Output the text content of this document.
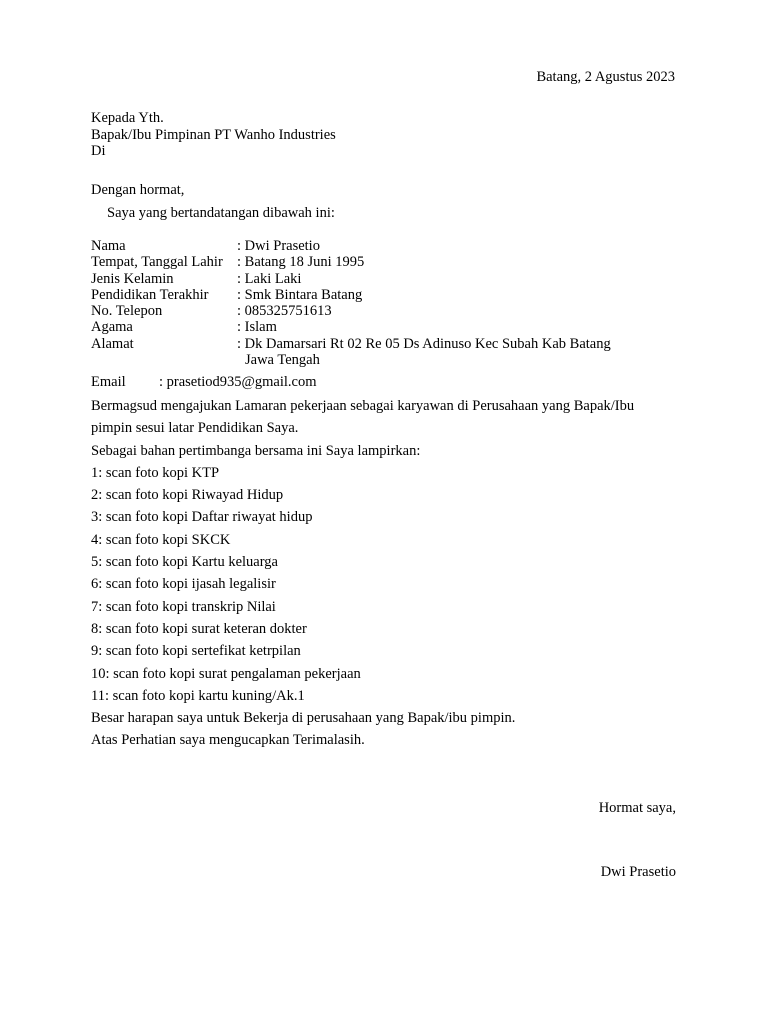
Batang, 2 Agustus 2023
Kepada Yth.
Bapak/Ibu Pimpinan PT Wanho Industries
Di
Dengan hormat,
Saya yang bertandatangan dibawah ini:
Nama	: Dwi Prasetio
Tempat, Tanggal Lahir : Batang 18 Juni 1995
Jenis Kelamin	: Laki Laki
Pendidikan Terakhir	: Smk Bintara Batang
No. Telepon	: 085325751613
Agama	: Islam
Alamat	: Dk Damarsari Rt 02 Re 05 Ds Adinuso Kec Subah Kab Batang
Jawa Tengah
Email : prasetiod935@gmail.com
Bermagsud mengajukan Lamaran pekerjaan sebagai karyawan di Perusahaan yang Bapak/Ibu
pimpin sesui latar Pendidikan Saya.
Sebagai bahan pertimbanga bersama ini Saya lampirkan:
1: scan foto kopi KTP
2: scan foto kopi Riwayad Hidup
3: scan foto kopi Daftar riwayat hidup
4: scan foto kopi SKCK
5: scan foto kopi Kartu keluarga
6: scan foto kopi ijasah legalisir
7: scan foto kopi transkrip Nilai
8: scan foto kopi surat keteran dokter
9: scan foto kopi sertefikat ketrpilan
10: scan foto kopi surat pengalaman pekerjaan
11: scan foto kopi kartu kuning/Ak.1
Besar harapan saya untuk Bekerja di perusahaan yang Bapak/ibu pimpin.
Atas Perhatian saya mengucapkan Terimalasih.
Hormat saya,
Dwi Prasetio
